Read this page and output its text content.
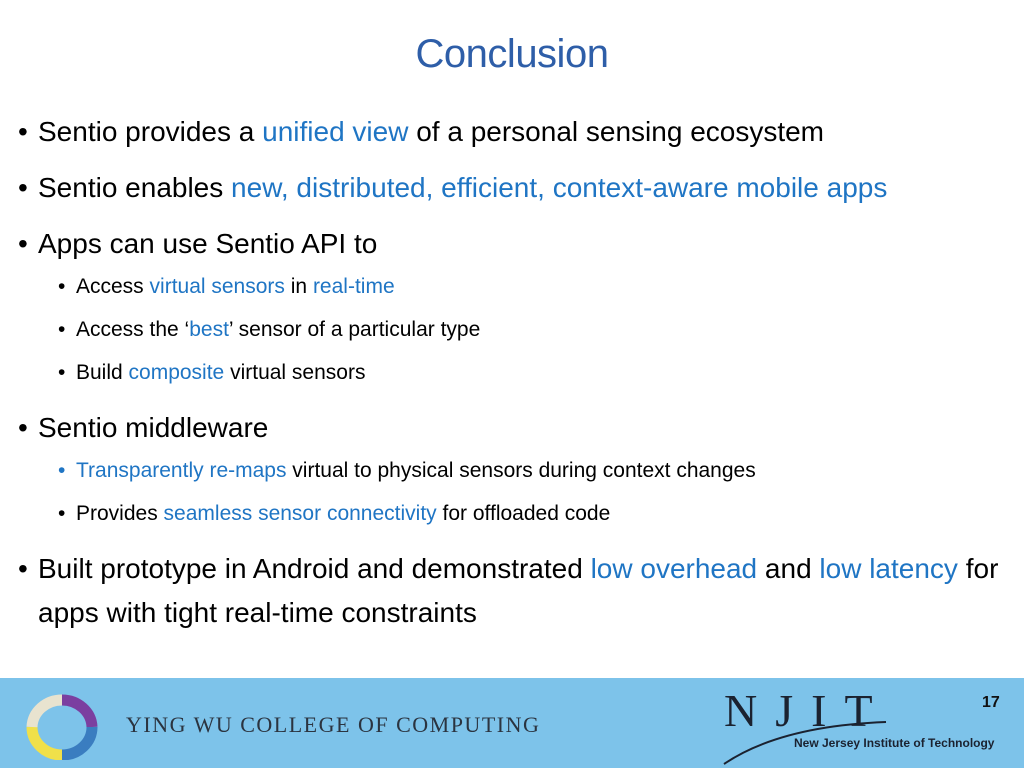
Conclusion
• Sentio provides a unified view of a personal sensing ecosystem
• Sentio enables new, distributed, efficient, context-aware mobile apps
• Apps can use Sentio API to
• Access virtual sensors in real-time
• Access the ‘best’ sensor of a particular type
• Build composite virtual sensors
• Sentio middleware
• Transparently re-maps virtual to physical sensors during context changes
• Provides seamless sensor connectivity for offloaded code
• Built prototype in Android and demonstrated low overhead and low latency for apps with tight real-time constraints
YING WU COLLEGE OF COMPUTING	NJIT
New Jersey Institute of Technology
17
